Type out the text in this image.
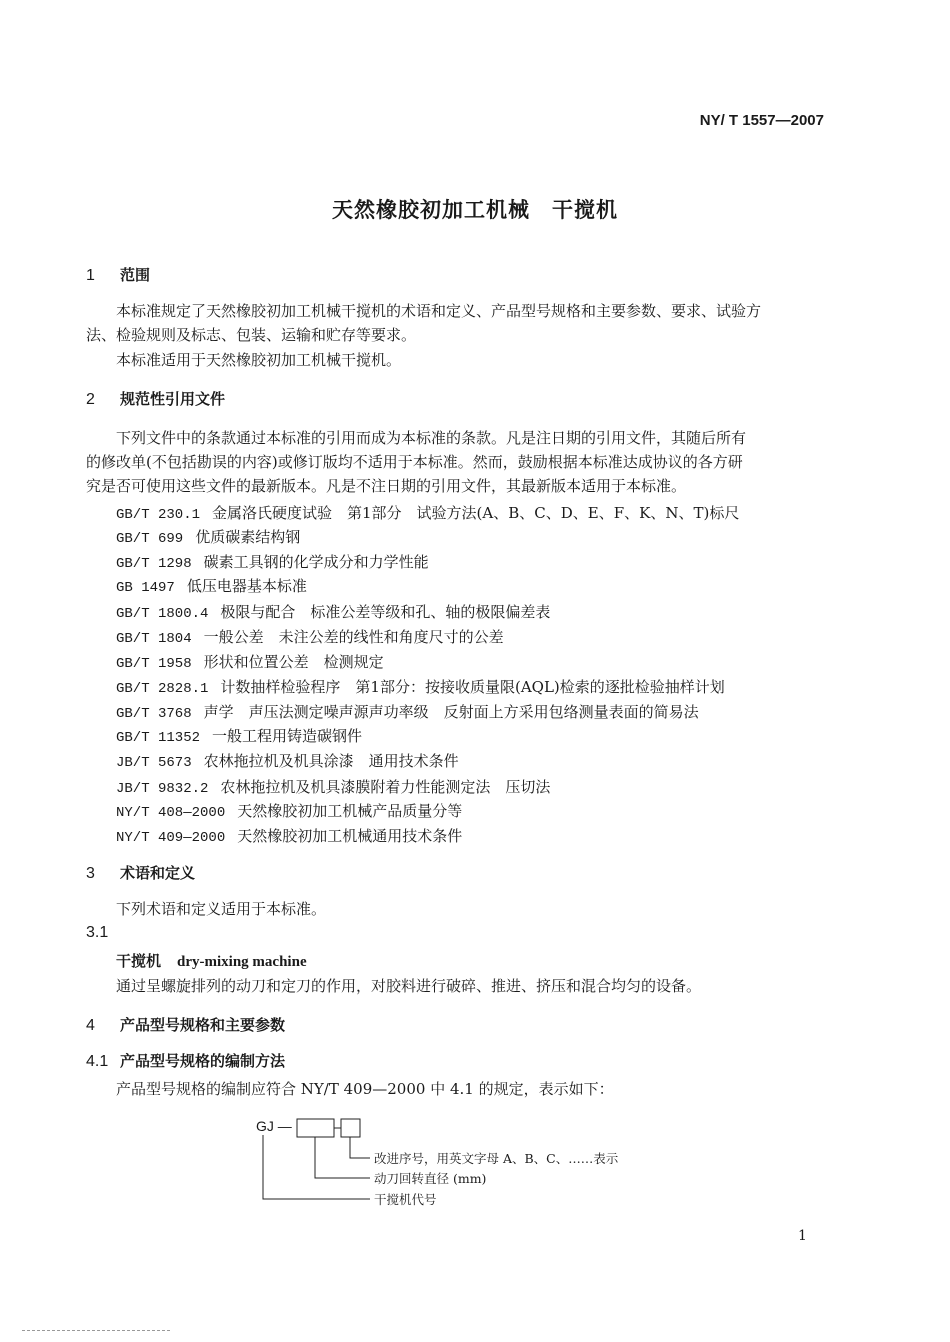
NY/ T 1557—2007
天然橡胶初加工机械　干搅机
1 范围
本标准规定了天然橡胶初加工机械干搅机的术语和定义、产品型号规格和主要参数、要求、试验方
法、检验规则及标志、包装、运输和贮存等要求。
本标准适用于天然橡胶初加工机械干搅机。
2 规范性引用文件
下列文件中的条款通过本标准的引用而成为本标准的条款。凡是注日期的引用文件，其随后所有
的修改单(不包括勘误的内容)或修订版均不适用于本标准。然而，鼓励根据本标准达成协议的各方研
究是否可使用这些文件的最新版本。凡是不注日期的引用文件，其最新版本适用于本标准。
GB/T 230.1 金属洛氏硬度试验　第1部分　试验方法(A、B、C、D、E、F、K、N、T)标尺
GB/T 699 优质碳素结构钢
GB/T 1298 碳素工具钢的化学成分和力学性能
GB 1497 低压电器基本标准
GB/T 1800.4 极限与配合　标准公差等级和孔、轴的极限偏差表
GB/T 1804 一般公差　未注公差的线性和角度尺寸的公差
GB/T 1958 形状和位置公差　检测规定
GB/T 2828.1 计数抽样检验程序　第1部分：按接收质量限(AQL)检索的逐批检验抽样计划
GB/T 3768 声学　声压法测定噪声源声功率级　反射面上方采用包络测量表面的简易法
GB/T 11352 一般工程用铸造碳钢件
JB/T 5673 农林拖拉机及机具涂漆　通用技术条件
JB/T 9832.2 农林拖拉机及机具漆膜附着力性能测定法　压切法
NY/T 408—2000 天然橡胶初加工机械产品质量分等
NY/T 409—2000 天然橡胶初加工机械通用技术条件
3 术语和定义
下列术语和定义适用于本标准。
3.1
干搅机 dry-mixing machine
通过呈螺旋排列的动刀和定刀的作用，对胶料进行破碎、推进、挤压和混合均匀的设备。
4 产品型号规格和主要参数
4.1 产品型号规格的编制方法
产品型号规格的编制应符合 NY/T 409—2000 中 4.1 的规定，表示如下：
GJ —
改进序号，用英文字母 A、B、C、……表示
动刀回转直径 (mm)
干搅机代号
1
